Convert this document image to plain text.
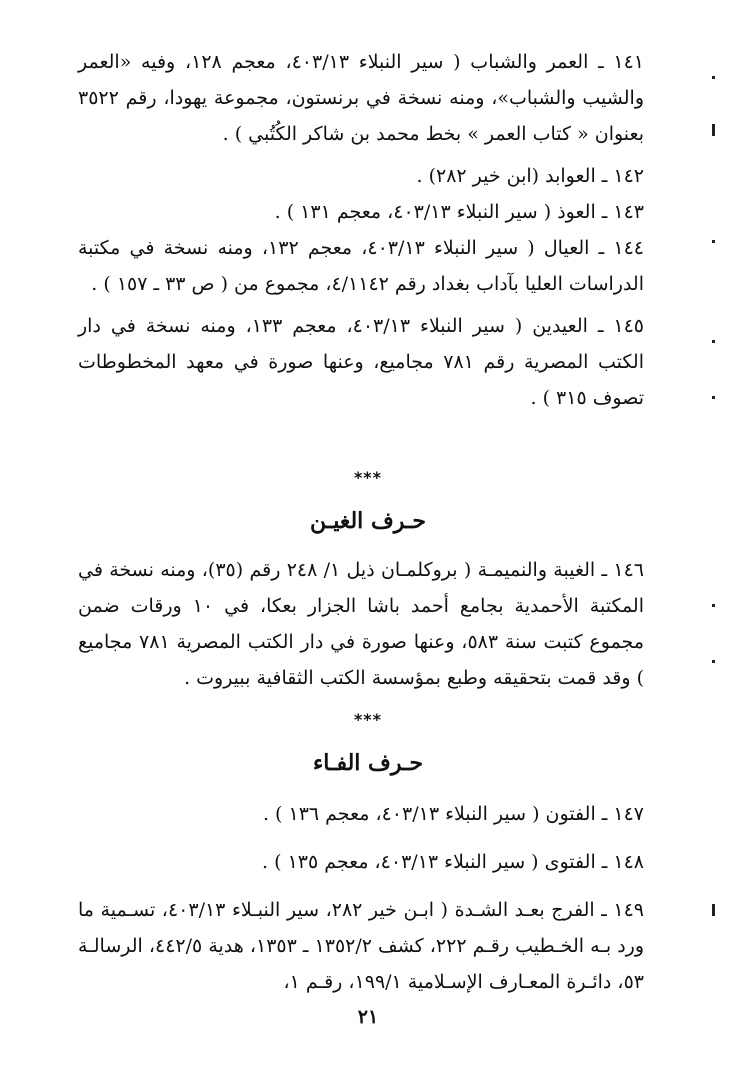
١٤١ ـ العمر والشباب ( سير النبلاء ٤٠٣/١٣، معجم ١٢٨، وفيه «العمر والشيب والشباب»، ومنه نسخة في برنستون، مجموعة يهودا، رقم ٣٥٢٢ بعنوان « كتاب العمر » بخط محمد بن شاكر الكُتُبي ) .

١٤٢ ـ العوابد (ابن خير ٢٨٢) .

١٤٣ ـ العوذ ( سير النبلاء ٤٠٣/١٣، معجم ١٣١ ) .

١٤٤ ـ العيال ( سير النبلاء ٤٠٣/١٣، معجم ١٣٢، ومنه نسخة في مكتبة الدراسات العليا بآداب بغداد رقم ٤/١١٤٢، مجموع من ( ص ٣٣ ـ ١٥٧ ) .

١٤٥ ـ العيدين ( سير النبلاء ٤٠٣/١٣، معجم ١٣٣، ومنه نسخة في دار الكتب المصرية رقم ٧٨١ مجاميع، وعنها صورة في معهد المخطوطات تصوف ٣١٥ ) .

***
حـرف الغيـن

١٤٦ ـ الغيبة والنميمـة ( بروكلمـان ذيل ١/ ٢٤٨ رقم (٣٥)، ومنه نسخة في المكتبة الأحمدية بجامع أحمد باشا الجزار بعكا، في ١٠ ورقات ضمن مجموع كتبت سنة ٥٨٣، وعنها صورة في دار الكتب المصرية ٧٨١ مجاميع ) وقد قمت بتحقيقه وطبع بمؤسسة الكتب الثقافية ببيروت .

***
حـرف الفـاء

١٤٧ ـ الفتون ( سير النبلاء ٤٠٣/١٣، معجم ١٣٦ ) .

١٤٨ ـ الفتوى ( سير النبلاء ٤٠٣/١٣، معجم ١٣٥ ) .

١٤٩ ـ الفرج بعـد الشـدة ( ابـن خير ٢٨٢، سير النبـلاء ٤٠٣/١٣، تسـمية ما ورد بـه الخـطيب رقـم ٢٢٢، كشف ١٣٥٢/٢ ـ ١٣٥٣، هدية ٤٤٢/٥، الرسالـة ٥٣، دائـرة المعـارف الإسـلامية ١٩٩/١، رقـم ١،

٢١
